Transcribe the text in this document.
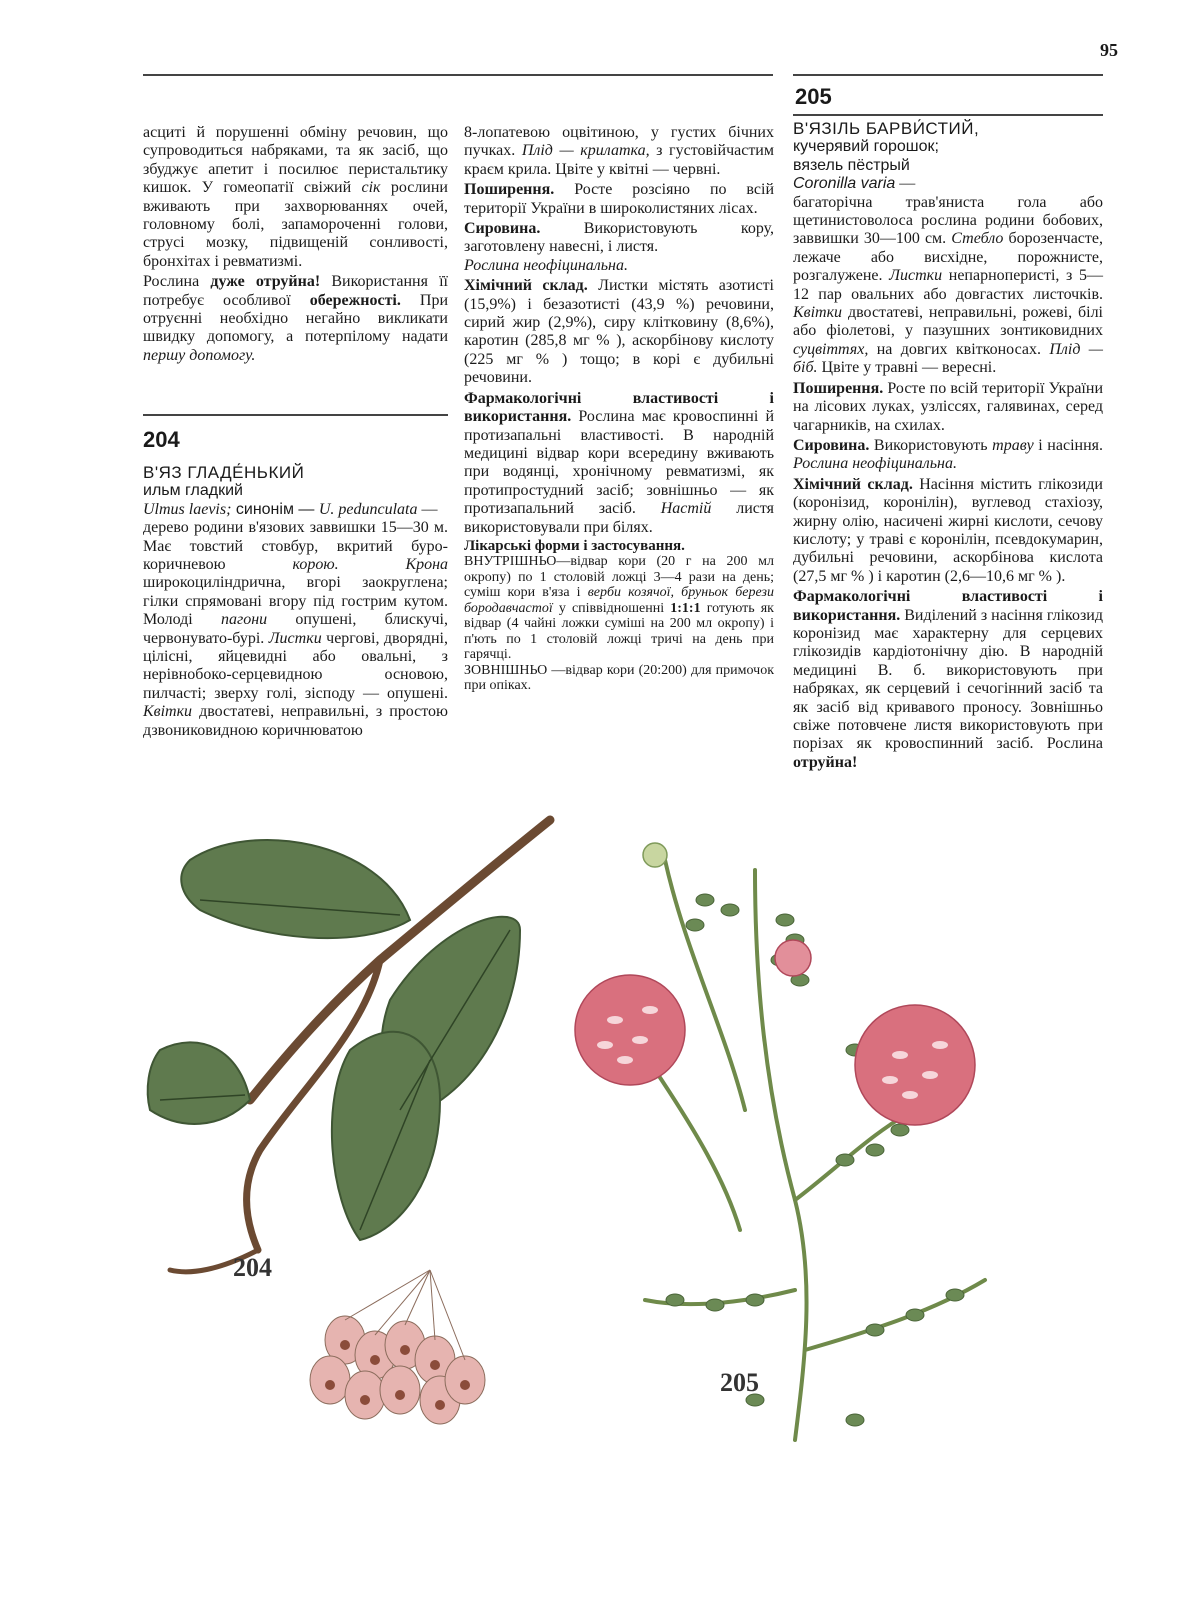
95

асциті й порушенні обміну речовин, що супроводиться набряками, та як засіб, що збуджує апетит і посилює перистальтику кишок. У гомеопатії свіжий сік рослини вживають при захворюваннях очей, головному болі, запамороченні голови, струсі мозку, підвищеній сонливості, бронхітах і ревматизмі.

Рослина дуже отруйна! Використання її потребує особливої обережності. При отруєнні необхідно негайно викликати швидку допомогу, а потерпілому надати першу допомогу.

204
В'ЯЗ ГЛАДЕ́НЬКИЙ
ильм гладкий
Ulmus laevis; синонім — U. pedunculata —

дерево родини в'язових заввишки 15—30 м. Має товстий стовбур, вкритий буро-коричневою корою.	Крона широкоциліндрична, вгорі заокруглена; гілки спрямовані вгору під гострим кутом. Молоді пагони опушені, блискучі, червонувато-бурі. Листки чергові, дворядні, цілісні, яйцевидні або овальні, з нерівнобоко-серцевидною основою, пилчасті; зверху голі, зісподу — опушені. Квітки двостатеві, неправильні, з простою дзвониковидною коричнюватою

8-лопатевою оцвітиною, у густих бічних пучках. Плід — крилатка, з густовійчастим краєм крила. Цвіте у квітні — червні.

Поширення. Росте розсіяно по всій території України в широколистяних лісах.

Сировина. Використовують кору, заготовлену навесні, і листя.
Рослина неофіцинальна.

Хімічний склад. Листки містять азотисті (15,9%) і безазотисті (43,9 %) речовини, сирий жир (2,9%), сиру клітковину (8,6%), каротин (285,8 мг % ), аскорбінову кислоту (225 мг % ) тощо; в корі є дубильні речовини.

Фармакологічні властивості і використання. Рослина має кровоспинні й протизапальні властивості. В народній медицині відвар кори всередину вживають при водянці, хронічному ревматизмі, як протипростудний засіб; зовнішньо — як протизапальний засіб. Настій листя використовували при білях.

Лікарські форми і застосування.
ВНУТРІШНЬО—відвар кори (20 г на 200 мл окропу) по 1 столовій ложці 3—4 рази на день; суміш кори в'яза і верби козячої, бруньок берези бородавчастої у співвідношенні 1:1:1 готують як відвар (4 чайні ложки суміші на 200 мл окропу) і п'ють по 1 столовій ложці тричі на день при гарячці.
ЗОВНІШНЬО —відвар кори (20:200) для примочок при опіках.
205
В'ЯЗІЛЬ БАРВИ́СТИЙ,
кучерявий горошок;
вязель пёстрый
Coronilla varia —

багаторічна трав'яниста гола або щетинистоволоса рослина родини бобових, заввишки 30—100 см. Стебло борозенчасте, лежаче або висхідне, порожнисте, розгалужене. Листки непарноперисті, з 5—12 пар овальних або довгастих листочків. Квітки двостатеві, неправильні, рожеві, білі або фіолетові, у пазушних зонтиковидних суцвіттях, на довгих квітконосах. Плід — біб. Цвіте у травні — вересні.

Поширення. Росте по всій території України на лісових луках, узліссях, галявинах, серед чагарників, на схилах.

Сировина. Використовують траву і насіння. Рослина неофіцинальна.

Хімічний склад. Насіння містить глікозиди (коронізид, коронілін), вуглевод стахіозу, жирну олію, насичені жирні кислоти, сечову кислоту; у траві є коронілін, псевдокумарин, дубильні речовини, аскорбінова кислота (27,5 мг % ) і каротин (2,6—10,6 мг % ).

Фармакологічні властивості і використання. Виділений з насіння глікозид коронізид має характерну для серцевих глікозидів кардіотонічну дію. В народній медицині В. б. використовують при набряках, як серцевий і сечогінний засіб та як засіб від кривавого проносу. Зовнішньо свіже потовчене листя використовують при порізах як кровоспинний засіб. Рослина отруйна!

204
205
